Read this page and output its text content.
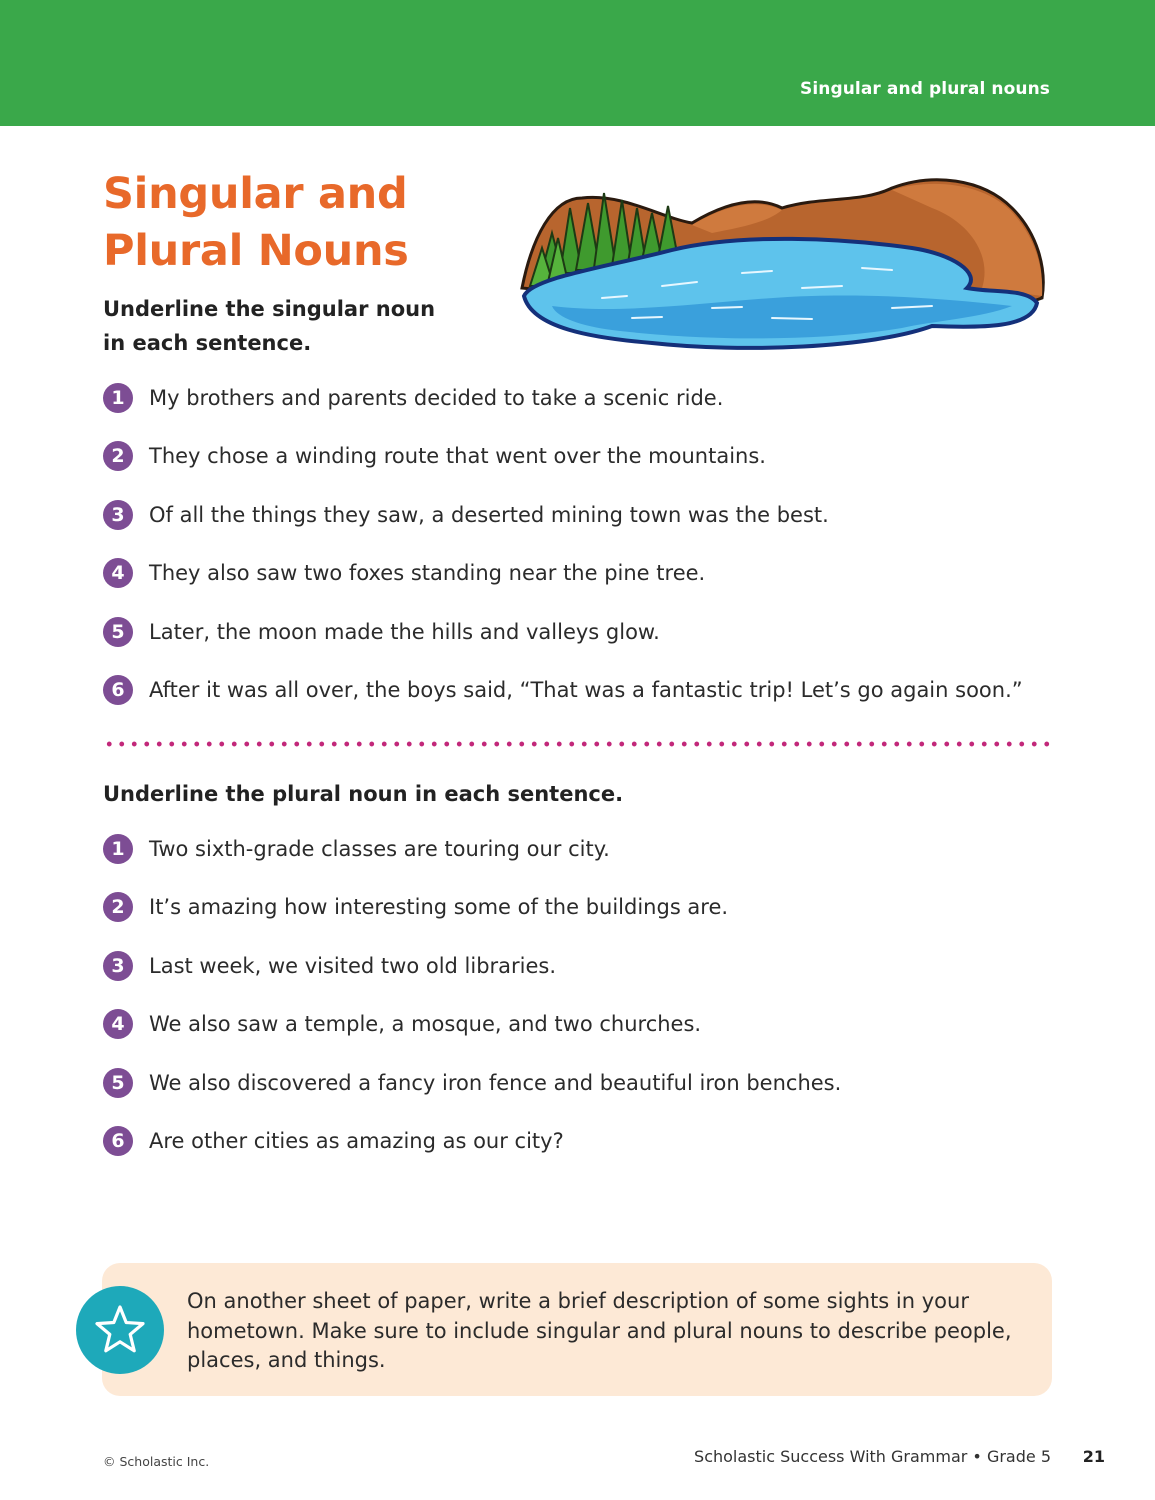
Singular and plural nouns
Singular and
Plural Nouns

Underline the singular noun in each sentence.

1	My brothers and parents decided to take a scenic ride.
2	They chose a winding route that went over the mountains.
3	Of all the things they saw, a deserted mining town was the best.
4	They also saw two foxes standing near the pine tree.
5	Later, the moon made the hills and valleys glow.
6	After it was all over, the boys said, “That was a fantastic trip! Let’s go again soon.”

Underline the plural noun in each sentence.

1	Two sixth-grade classes are touring our city.
2	It’s amazing how interesting some of the buildings are.
3	Last week, we visited two old libraries.
4	We also saw a temple, a mosque, and two churches.
5	We also discovered a fancy iron fence and beautiful iron benches.
6	Are other cities as amazing as our city?

On another sheet of paper, write a brief description of some sights in your hometown. Make sure to include singular and plural nouns to describe people, places, and things.

© Scholastic Inc.	Scholastic Success With Grammar • Grade 5 21
